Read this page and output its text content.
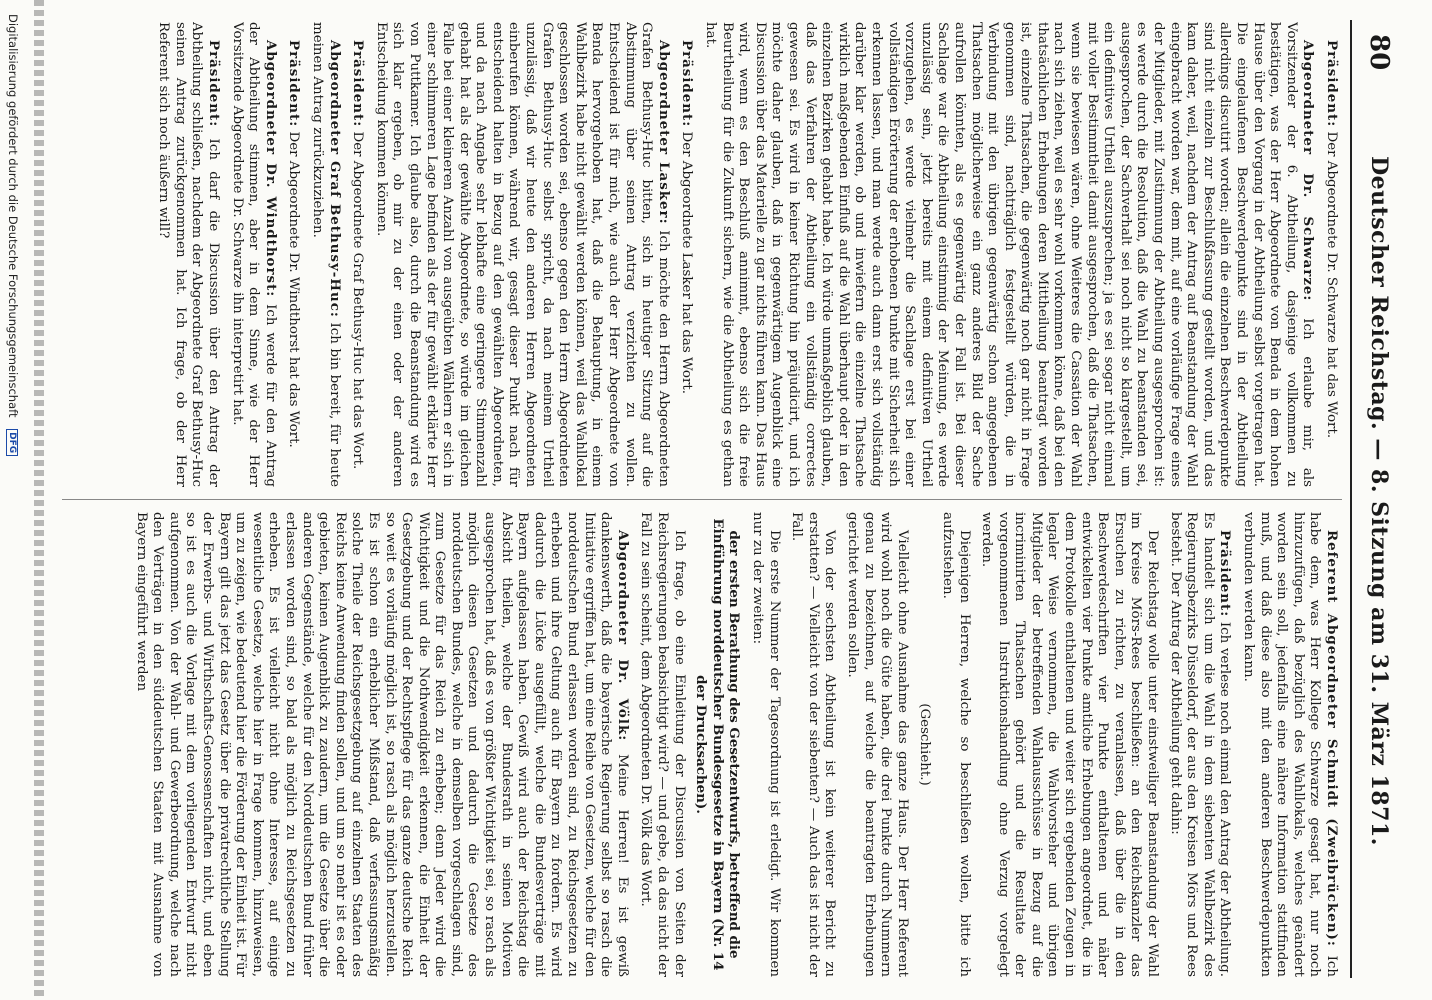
80
Deutscher Reichstag. — 8. Sitzung am 31. März 1871.

Präsident: Der Abgeordnete Dr. Schwarze hat das Wort.

Abgeordneter Dr. Schwarze: Ich erlaube mir, als Vorsitzender der 6. Abtheilung, dasjenige vollkommen zu bestätigen, was der Herr Abgeordnete von Benda in dem hohen Hause über den Vorgang in der Abtheilung selbst vorgetragen hat. Die eingelaufenen Beschwerdepunkte sind in der Abtheilung allerdings discutirt worden; allein die einzelnen Beschwerdepunkte sind nicht einzeln zur Beschlußfassung gestellt worden, und das kam daher, weil, nachdem der Antrag auf Beanstandung der Wahl eingebracht worden war, dem mit, auf eine vorläufige Frage eines der Mitglieder, mit Zustimmung der Abtheilung ausgesprochen ist: es werde durch die Resolution, daß die Wahl zu beanstanden sei, ausgesprochen, der Sachverhalt sei noch nicht so klargestellt, um ein definitives Urtheil auszusprechen; ja es sei sogar nicht einmal mit voller Bestimmtheit damit ausgesprochen, daß die Thatsachen, wenn sie bewiesen wären, ohne Weiteres die Cassation der Wahl nach sich ziehen, weil es sehr wohl vorkommen könne, daß bei den thatsächlichen Erhebungen deren Mittheilung beantragt worden ist, einzelne Thatsachen, die gegenwärtig noch gar nicht in Frage genommen sind, nachträglich festgestellt würden, die in Verbindung mit den übrigen gegenwärtig schon angegebenen Thatsachen möglicherweise ein ganz anderes Bild der Sache aufrollen könnten, als es gegenwärtig der Fall ist. Bei dieser Sachlage war die Abtheilung einstimmig der Meinung, es werde unzulässig sein, jetzt bereits mit einem definitiven Urtheil vorzugehen, es werde vielmehr die Sachlage erst bei einer vollständigen Erörterung der erhobenen Punkte mit Sicherheit sich erkennen lassen, und man werde auch dann erst sich vollständig darüber klar werden, ob und inwiefern die einzelne Thatsache wirklich maßgebenden Einfluß auf die Wahl überhaupt oder in den einzelnen Bezirken gehabt habe. Ich würde unmaßgeblich glauben, daß das Verfahren der Abtheilung ein vollständig correctes gewesen sei. Es wird in keiner Richtung hin präjudicirt, und ich möchte daher glauben, daß in gegenwärtigem Augenblick eine Discussion über das Materielle zu gar nichts führen kann. Das Haus wird, wenn es den Beschluß annimmt, ebenso sich die freie Beurtheilung für die Zukunft sichern, wie die Abtheilung es gethan hat.

Präsident: Der Abgeordnete Lasker hat das Wort.

Abgeordneter Lasker: Ich möchte den Herrn Abgeordneten Grafen Bethusy-Huc bitten, sich in heutiger Sitzung auf die Abstimmung über seinen Antrag verzichten zu wollen. Entscheidend ist für mich, wie auch der Herr Abgeordnete von Benda hervorgehoben hat, daß die Behauptung, in einem Wahlbezirk habe nicht gewählt werden können, weil das Wahllokal geschlossen worden sei, ebenso gegen den Herrn Abgeordneten Grafen Bethusy-Huc selbst spricht, da nach meinem Urtheil unzulässig, daß wir heute den anderen Herren Abgeordneten einberufen können, während wir, gesagt dieser Punkt nach für entscheidend halten in Bezug auf den gewählten Abgeordneten, und da nach Angabe sehr lebhafte eine geringere Stimmenzahl gehabt hat als der gewählte Abgeordnete, so würde im gleichen Falle bei einer kleineren Anzahl von ausgeübten Wählern er sich in einer schlimmeren Lage befinden als der für gewählt erklärte Herr von Puttkamer. Ich glaube also, durch die Beanstandung wird es sich klar ergeben, ob mir zu der einen oder der anderen Entscheidung kommen können.

Präsident: Der Abgeordnete Graf Bethusy-Huc hat das Wort.

Abgeordneter Graf Bethusy-Huc: Ich bin bereit, für heute meinen Antrag zurückzuziehen.

Präsident: Der Abgeordnete Dr. Windthorst hat das Wort.

Abgeordneter Dr. Windthorst: Ich werde für den Antrag der Abtheilung stimmen, aber in dem Sinne, wie der Herr Vorsitzende Abgeordnete Dr. Schwarze ihn interpretirt hat.

Präsident: Ich darf die Discussion über den Antrag der Abtheilung schließen, nachdem der Abgeordnete Graf Bethusy-Huc seinen Antrag zurückgenommen hat. Ich frage, ob der Herr Referent sich noch äußern will?

Referent Abgeordneter Schmidt (Zweibrücken): Ich habe dem, was Herr Kollege Schwarze gesagt hat, nur noch hinzuzufügen, daß bezüglich des Wahllokals, welches geändert worden sein soll, jedenfalls eine nähere Information stattfinden muß, und daß diese also mit den anderen Beschwerdepunkten verbunden werden kann.

Präsident: Ich verlese noch einmal den Antrag der Abtheilung. Es handelt sich um die Wahl in dem siebenten Wahlbezirk des Regierungsbezirks Düsseldorf, der aus den Kreisen Mörs und Rees besteht. Der Antrag der Abtheilung geht dahin:

Der Reichstag wolle unter einstweiliger Beanstandung der Wahl im Kreise Mörs-Rees beschließen: an den Reichskanzler das Ersuchen zu richten, zu veranlassen, daß über die in den Beschwerdeschriften vier Punkte enthaltenen und näher entwickelten vier Punkte amtliche Erhebungen angeordnet, die in dem Protokolle enthaltenen und weiter sich ergebenden Zeugen in legaler Weise vernommen, die Wahlvorsteher und übrigen Mitglieder der betreffenden Wahlausschüsse in Bezug auf die incriminirten Thatsachen gehört und die Resultate der vorgenommenen Instruktionshandlung ohne Verzug vorgelegt werden.

Diejenigen Herren, welche so beschließen wollen, bitte ich aufzustehen.

(Geschieht.)

Vielleicht ohne Ausnahme das ganze Haus. Der Herr Referent wird wohl noch die Güte haben, die drei Punkte durch Nummern genau zu bezeichnen, auf welche die beantragten Erhebungen gerichtet werden sollen.

Von der sechsten Abtheilung ist kein weiterer Bericht zu erstatten? — Vielleicht von der siebenten? — Auch das ist nicht der Fall.

Die erste Nummer der Tagesordnung ist erledigt. Wir kommen nur zu der zweiten:

der ersten Berathung des Gesetzentwurfs, betreffend die Einführung norddeutscher Bundesgesetze in Bayern (Nr. 14 der Drucksachen).

Ich frage, ob eine Einleitung der Discussion von Seiten der Reichsregierungen beabsichtigt wird? — und gebe, da das nicht der Fall zu sein scheint, dem Abgeordneten Dr. Völk das Wort.

Abgeordneter Dr. Völk: Meine Herren! Es ist gewiß dankenswerth, daß die bayerische Regierung selbst so rasch die Initiative ergriffen hat, um eine Reihe von Gesetzen, welche für den norddeutschen Bund erlassen worden sind, zu Reichsgesetzen zu erheben und ihre Geltung auch für Bayern zu fordern. Es wird dadurch die Lücke ausgefüllt, welche die Bundesverträge mit Bayern aufgelassen haben. Gewiß wird auch der Reichstag die Absicht theilen, welche der Bundesrath in seinen Motiven ausgesprochen hat, daß es von größter Wichtigkeit sei, so rasch als möglich diesen Gesetzen und dadurch die Gesetze des norddeutschen Bundes, welche in demselben vorgeschlagen sind, zum Gesetze für das Reich zu erheben; denn Jeder wird die Wichtigkeit und die Nothwendigkeit erkennen, die Einheit der Gesetzgebung und der Rechtspflege für das ganze deutsche Reich so weit es vorläufig möglich ist, so rasch als möglich herzustellen. Es ist schon ein erheblicher Mißstand, daß verfassungsmäßig solche Theile der Reichsgesetzgebung auf einzelnen Staaten des Reichs keine Anwendung finden sollen, und um so mehr ist es oder gebieten, keinen Augenblick zu zaudern, um die Gesetze über die anderen Gegenstände, welche für den Norddeutschen Bund früher erlassen worden sind, so bald als möglich zu Reichsgesetzen zu erheben. Es ist vielleicht nicht ohne Interesse, auf einige wesentliche Gesetze, welche hier in Frage kommen, hinzuweisen, um zu zeigen, wie bedeutend hier die Förderung der Einheit ist. Für Bayern gilt das jetzt das Gesetz über die privatrechtliche Stellung der Erwerbs- und Wirthschafts-Genossenschaften nicht, und eben so ist es auch die Vorlage mit dem vorliegenden Entwurf nicht aufgenommen. Von der Wahl- und Gewerbeordnung, welche nach den Verträgen in den süddeutschen Staaten mit Ausnahme von Bayern eingeführt werden

Digitalisierung gefördert durch die Deutsche Forschungsgemeinschaft DFG
